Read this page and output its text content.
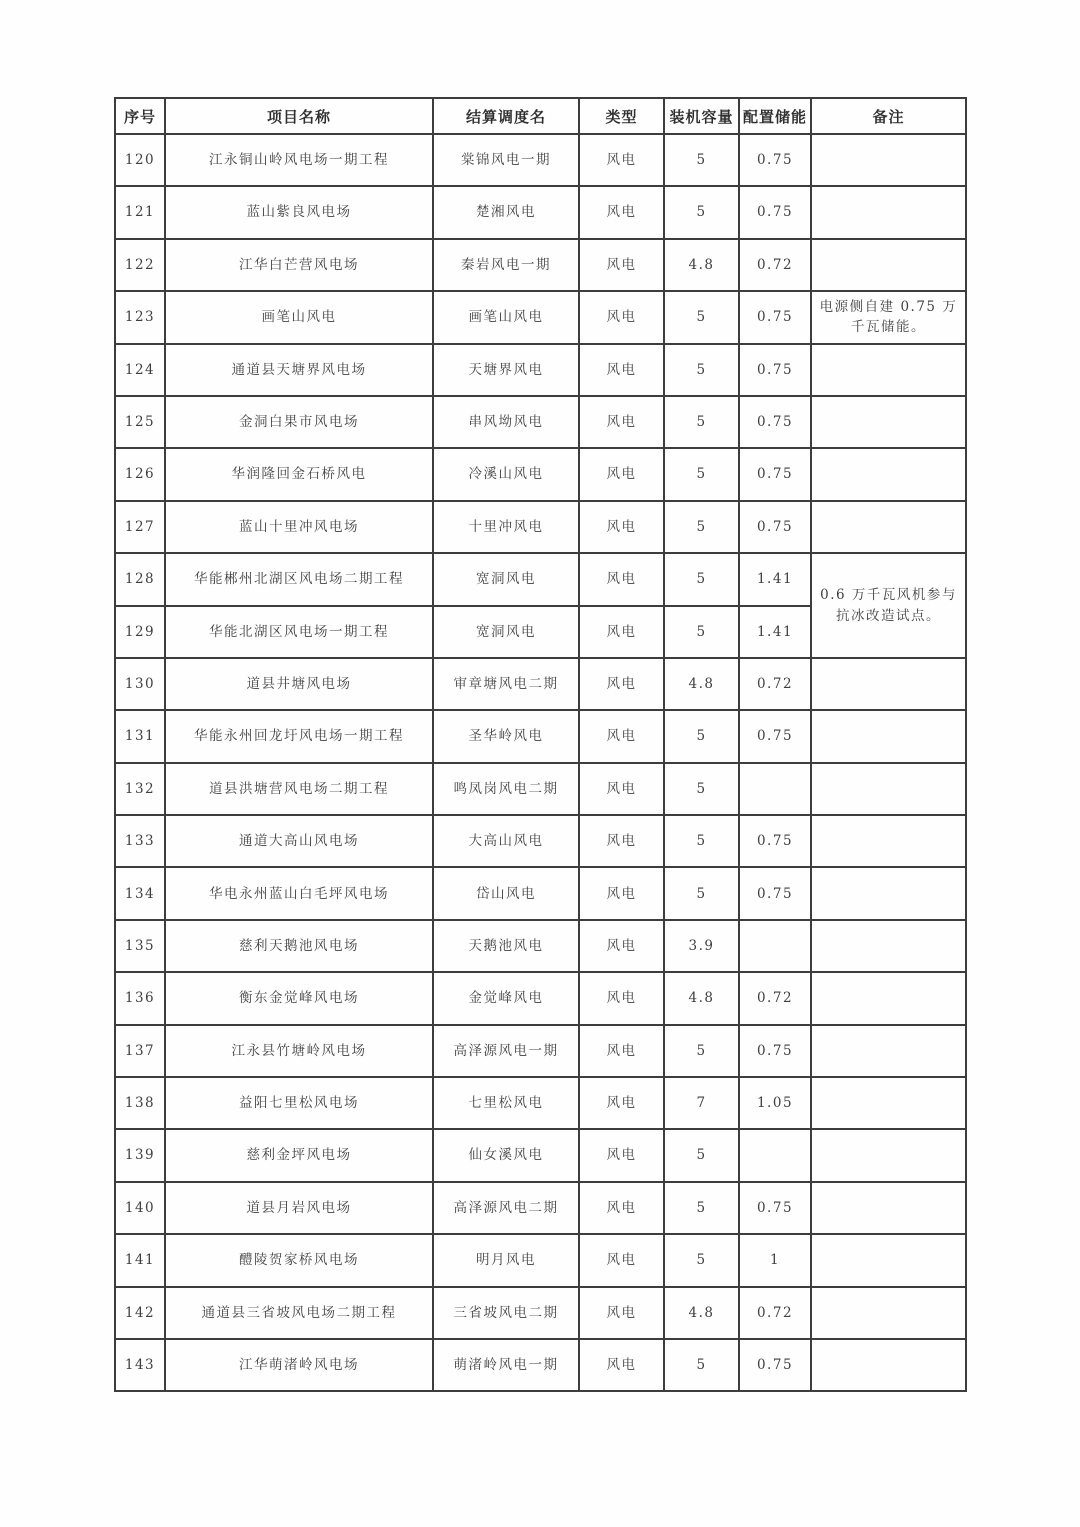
序号	项目名称	结算调度名	类型	装机容量	配置储能	备注
120	江永铜山岭风电场一期工程	棠锦风电一期	风电	5	0.75	
121	蓝山紫良风电场	楚湘风电	风电	5	0.75	
122	江华白芒营风电场	秦岩风电一期	风电	4.8	0.72	
123	画笔山风电	画笔山风电	风电	5	0.75	电源侧自建 0.75 万千瓦储能。
124	通道县天塘界风电场	天塘界风电	风电	5	0.75	
125	金洞白果市风电场	串风坳风电	风电	5	0.75	
126	华润隆回金石桥风电	冷溪山风电	风电	5	0.75	
127	蓝山十里冲风电场	十里冲风电	风电	5	0.75	
128	华能郴州北湖区风电场二期工程	宽洞风电	风电	5	1.41	0.6 万千瓦风机参与抗冰改造试点。
129	华能北湖区风电场一期工程	宽洞风电	风电	5	1.41	
130	道县井塘风电场	审章塘风电二期	风电	4.8	0.72	
131	华能永州回龙圩风电场一期工程	圣华岭风电	风电	5	0.75	
132	道县洪塘营风电场二期工程	鸣凤岗风电二期	风电	5		
133	通道大高山风电场	大高山风电	风电	5	0.75	
134	华电永州蓝山白毛坪风电场	岱山风电	风电	5	0.75	
135	慈利天鹅池风电场	天鹅池风电	风电	3.9		
136	衡东金觉峰风电场	金觉峰风电	风电	4.8	0.72	
137	江永县竹塘岭风电场	高泽源风电一期	风电	5	0.75	
138	益阳七里松风电场	七里松风电	风电	7	1.05	
139	慈利金坪风电场	仙女溪风电	风电	5		
140	道县月岩风电场	高泽源风电二期	风电	5	0.75	
141	醴陵贺家桥风电场	明月风电	风电	5	1	
142	通道县三省坡风电场二期工程	三省坡风电二期	风电	4.8	0.72	
143	江华萌渚岭风电场	萌渚岭风电一期	风电	5	0.75	
